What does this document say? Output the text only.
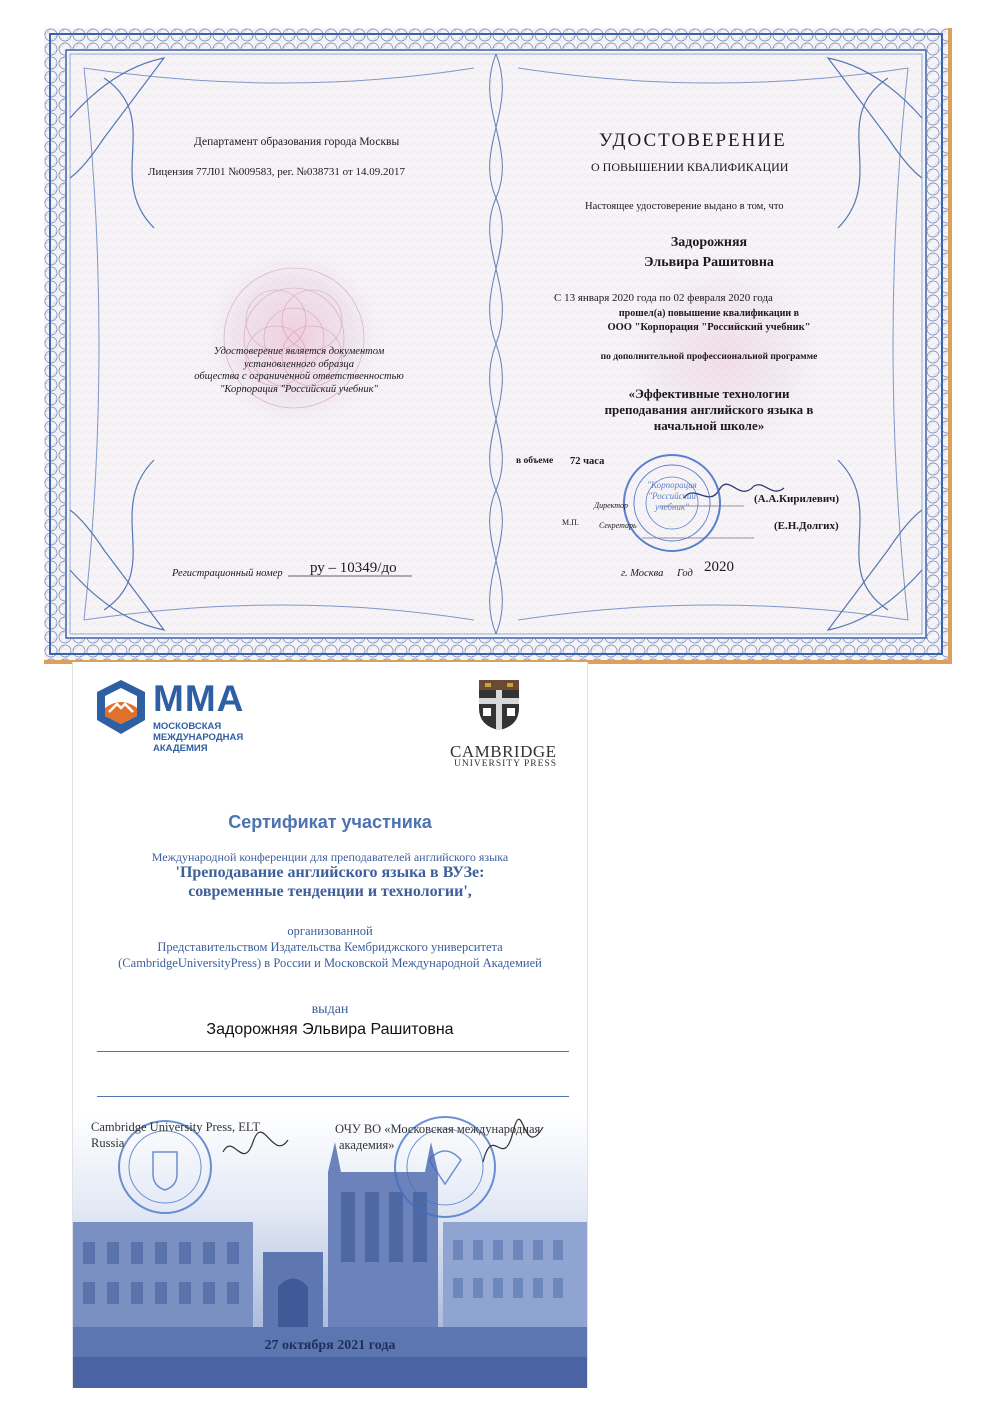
Департамент образования города Москвы
Лицензия 77Л01 №009583, рег. №038731 от 14.09.2017
Удостоверение является документом
установленного образца
общества с ограниченной ответственностью
"Корпорация "Российский учебник"
Регистрационный номер ру – 10349/до
УДОСТОВЕРЕНИЕ
О ПОВЫШЕНИИ КВАЛИФИКАЦИИ
Настоящее удостоверение выдано в том, что
Задорожняя
Эльвира Рашитовна
С 13 января 2020 года по 02 февраля 2020 года
прошел(а) повышение квалификации в
ООО "Корпорация "Российский учебник"
по дополнительной профессиональной программе
«Эффективные технологии
преподавания английского языка в
начальной школе»
в объеме 72 часа
Директор
(А.А.Кирилевич)
М.П.	Секретарь	(Е.Н.Долгих)
"Корпорация
"Российский
учебник"
г. Москва Год 2020
ММА
МОСКОВСКАЯ
МЕЖДУНАРОДНАЯ
АКАДЕМИЯ	CAMBRIDGE
UNIVERSITY PRESS
Сертификат участника
Международной конференции для преподавателей английского языка
'Преподавание английского языка в ВУЗе:
современные тенденции и технологии',
организованной
Представительством Издательства Кембриджского университета
(CambridgeUniversityPress) в России и Московской Международной Академией
выдан
Задорожняя Эльвира Рашитовна
Cambridge University Press, ELT
Russia
ОЧУ ВО «Московская международная
академия»
27 октября 2021 года
